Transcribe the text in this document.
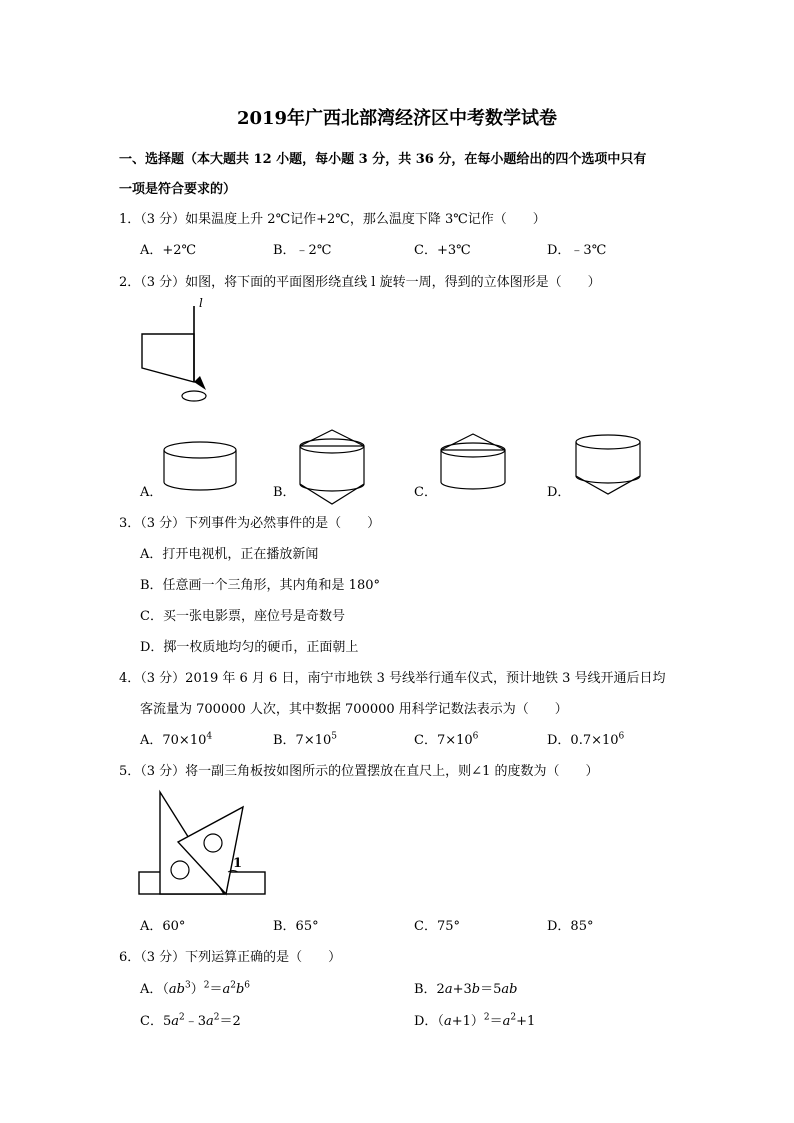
2019年广西北部湾经济区中考数学试卷
一、选择题（本大题共 12 小题，每小题 3 分，共 36 分，在每小题给出的四个选项中只有
一项是符合要求的）
1．（3 分）如果温度上升 2℃记作+2℃，那么温度下降 3℃记作（　　）
A．+2℃	B．﹣2℃	C．+3℃	D．﹣3℃
2．（3 分）如图，将下面的平面图形绕直线 l 旋转一周，得到的立体图形是（　　）
l
A．	B．	C．	D．
3．（3 分）下列事件为必然事件的是（　　）
A．打开电视机，正在播放新闻
B．任意画一个三角形，其内角和是 180°
C．买一张电影票，座位号是奇数号
D．掷一枚质地均匀的硬币，正面朝上
4．（3 分）2019 年 6 月 6 日，南宁市地铁 3 号线举行通车仪式，预计地铁 3 号线开通后日均
客流量为 700000 人次，其中数据 700000 用科学记数法表示为（　　）
A．$70\times 10^4$	B．$7\times 10^5$	C．$7\times 10^6$	D．$0.7\times 10^6$
5．（3 分）将一副三角板按如图所示的位置摆放在直尺上，则∠1 的度数为（　　）
1
A．60°	B．65°	C．75°	D．85°
6．（3 分）下列运算正确的是（　　）
A．$(ab^3)^2=a^2b^6$	B．2a+3b＝5ab
C．$5a^2﹣3a^2=2$	D．$(a+1)^2=a^2+1$
